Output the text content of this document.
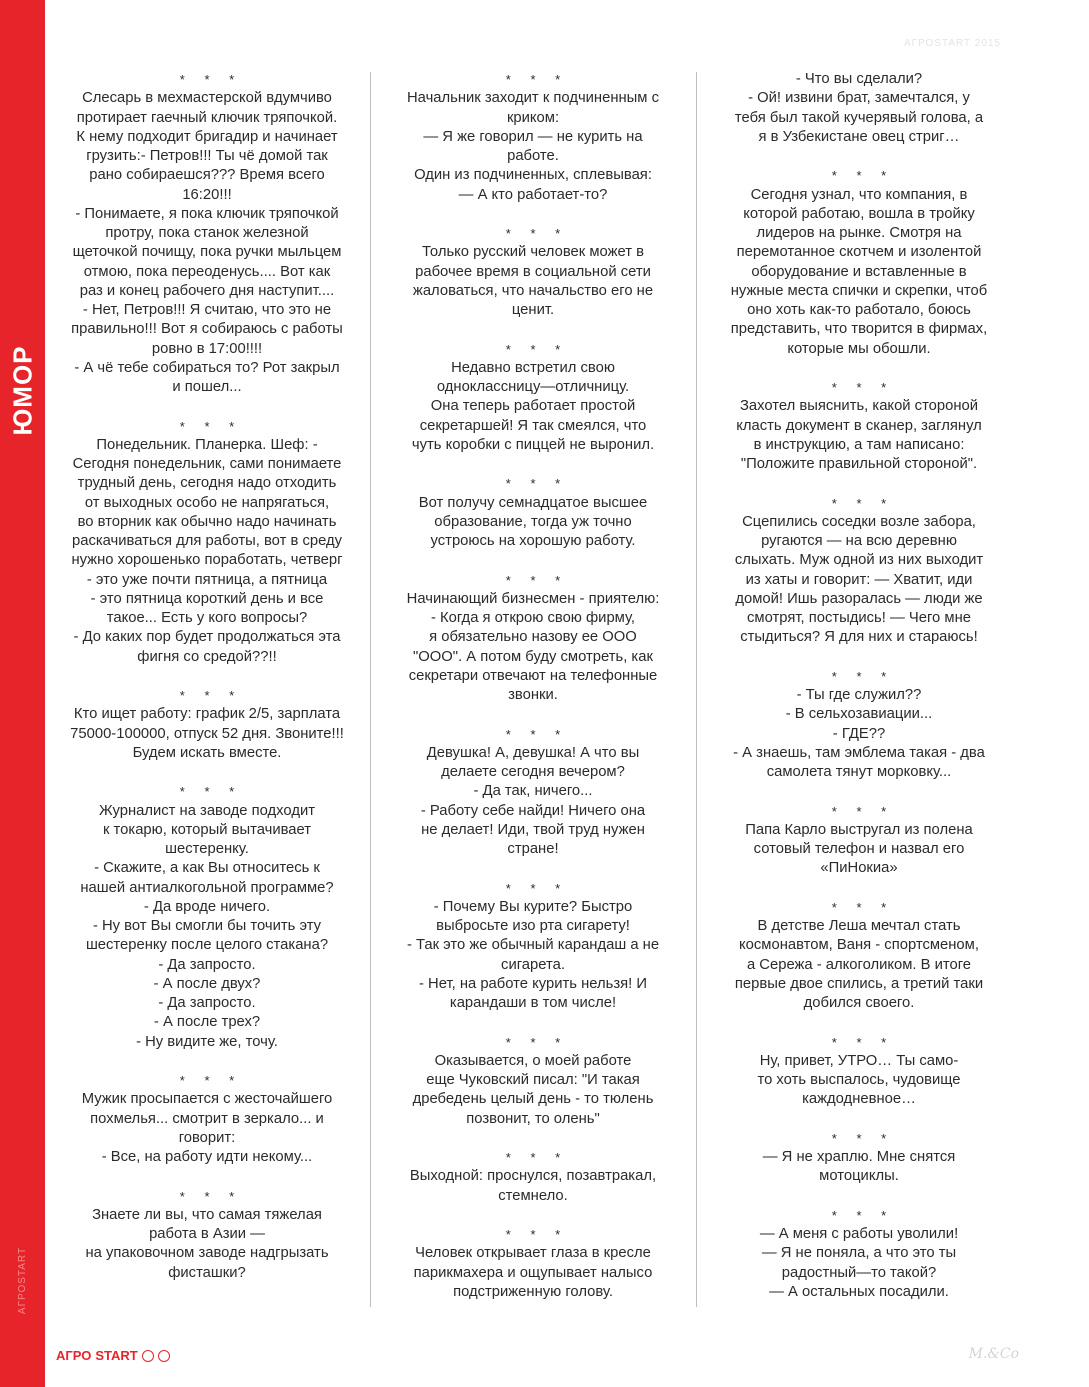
ЮМОР
АГРОSTART
АГРОSTART 2015
* * *
Слесарь в мехмастерской вдумчиво
протирает гаечный ключик тряпочкой.
К нему подходит бригадир и начинает
грузить:- Петров!!! Ты чё домой так
рано собираешся??? Время всего
16:20!!!
- Понимаете, я пока ключик тряпочкой
протру, пока станок железной
щеточкой почищу, пока ручки мыльцем
отмою, пока переоденусь.... Вот как
раз и конец рабочего дня наступит....
- Нет, Петров!!! Я считаю, что это не
правильно!!! Вот я собираюсь с работы
ровно в 17:00!!!!
- А чё тебе собираться то? Рот закрыл
и пошел...
* * *
Понедельник. Планерка. Шеф: -
Сегодня понедельник, сами понимаете
трудный день, сегодня надо отходить
от выходных особо не напрягаться,
во вторник как обычно надо начинать
раскачиваться для работы, вот в среду
нужно хорошенько поработать, четверг
- это уже почти пятница, а пятница
- это пятница короткий день и все
такое... Есть у кого вопросы?
- До каких пор будет продолжаться эта
фигня со средой??!!
* * *
Кто ищет работу: график 2/5, зарплата
75000-100000, отпуск 52 дня. Звоните!!!
Будем искать вместе.
* * *
Журналист на заводе подходит
к токарю, который вытачивает
шестеренку.
- Скажите, а как Вы относитесь к
нашей антиалкогольной программе?
- Да вроде ничего.
- Ну вот Вы смогли бы точить эту
шестеренку после целого стакана?
- Да запросто.
- А после двух?
- Да запросто.
- А после трех?
- Ну видите же, точу.
* * *
Мужик просыпается с жесточайшего
похмелья... смотрит в зеркало... и
говорит:
- Все, на работу идти некому...
* * *
Знаете ли вы, что самая тяжелая
работа в Азии —
на упаковочном заводе надгрызать
фисташки?
* * *
Начальник заходит к подчиненным с
криком:
— Я же говорил — не курить на
работе.
Один из подчиненных, сплевывая:
— А кто работает-то?
* * *
Только русский человек может в
рабочее время в социальной сети
жаловаться, что начальство его не
ценит.
* * *
Недавно встретил свою
одноклассницу—отличницу.
Она теперь работает простой
секретаршей! Я так смеялся, что
чуть коробки с пиццей не выронил.
* * *
Вот получу семнадцатое высшее
образование, тогда уж точно
устроюсь на хорошую работу.
* * *
Начинающий бизнесмен - приятелю:
- Когда я открою свою фирму,
я обязательно назову ее ООО
"ООО". А потом буду смотреть, как
секретари отвечают на телефонные
звонки.
* * *
Девушка! А, девушка! А что вы
делаете сегодня вечером?
- Да так, ничего...
- Работу себе найди! Ничего она
не делает! Иди, твой труд нужен
стране!
* * *
- Почему Вы курите? Быстро
выбросьте изо рта сигарету!
- Так это же обычный карандаш а не
сигарета.
- Нет, на работе курить нельзя! И
карандаши в том числе!
* * *
Оказывается, о моей работе
еще Чуковский писал: "И такая
дребедень целый день - то тюлень
позвонит, то олень"
* * *
Выходной: проснулся, позавтракал,
стемнело.
* * *
Человек открывает глаза в кресле
парикмахера и ощупывает налысо
подстриженную голову.
- Что вы сделали?
- Ой! извини брат, замечтался, у
тебя был такой кучерявый голова, а
я в Узбекистане овец стриг…
* * *
Сегодня узнал, что компания, в
которой работаю, вошла в тройку
лидеров на рынке. Смотря на
перемотанное скотчем и изолентой
оборудование и вставленные в
нужные места спички и скрепки, чтоб
оно хоть как-то работало, боюсь
представить, что творится в фирмах,
которые мы обошли.
* * *
Захотел выяснить, какой стороной
класть документ в сканер, заглянул
в инструкцию, а там написано:
"Положите правильной стороной".
* * *
Сцепились соседки возле забора,
ругаются — на всю деревню
слыхать. Муж одной из них выходит
из хаты и говорит: — Хватит, иди
домой! Ишь разоралась — люди же
смотрят, постыдись! — Чего мне
стыдиться? Я для них и стараюсь!
* * *
- Ты где служил??
- В сельхозавиации...
- ГДЕ??
- А знаешь, там эмблема такая - два
самолета тянут морковку...
* * *
Папа Карло выстругал из полена
сотовый телефон и назвал его
«ПиНокиа»
* * *
В детстве Леша мечтал стать
космонавтом, Ваня - спортсменом,
а Сережа - алкоголиком. В итоге
первые двое спились, а третий таки
добился своего.
* * *
Ну, привет, УТРО… Ты само-
то хоть выспалось, чудовище
каждодневное…
* * *
— Я не храплю. Мне снятся
мотоциклы.
* * *
— А меня с работы уволили!
— Я не поняла, а что это ты
радостный—то такой?
— А остальных посадили.
АГРО START	M.&Co
